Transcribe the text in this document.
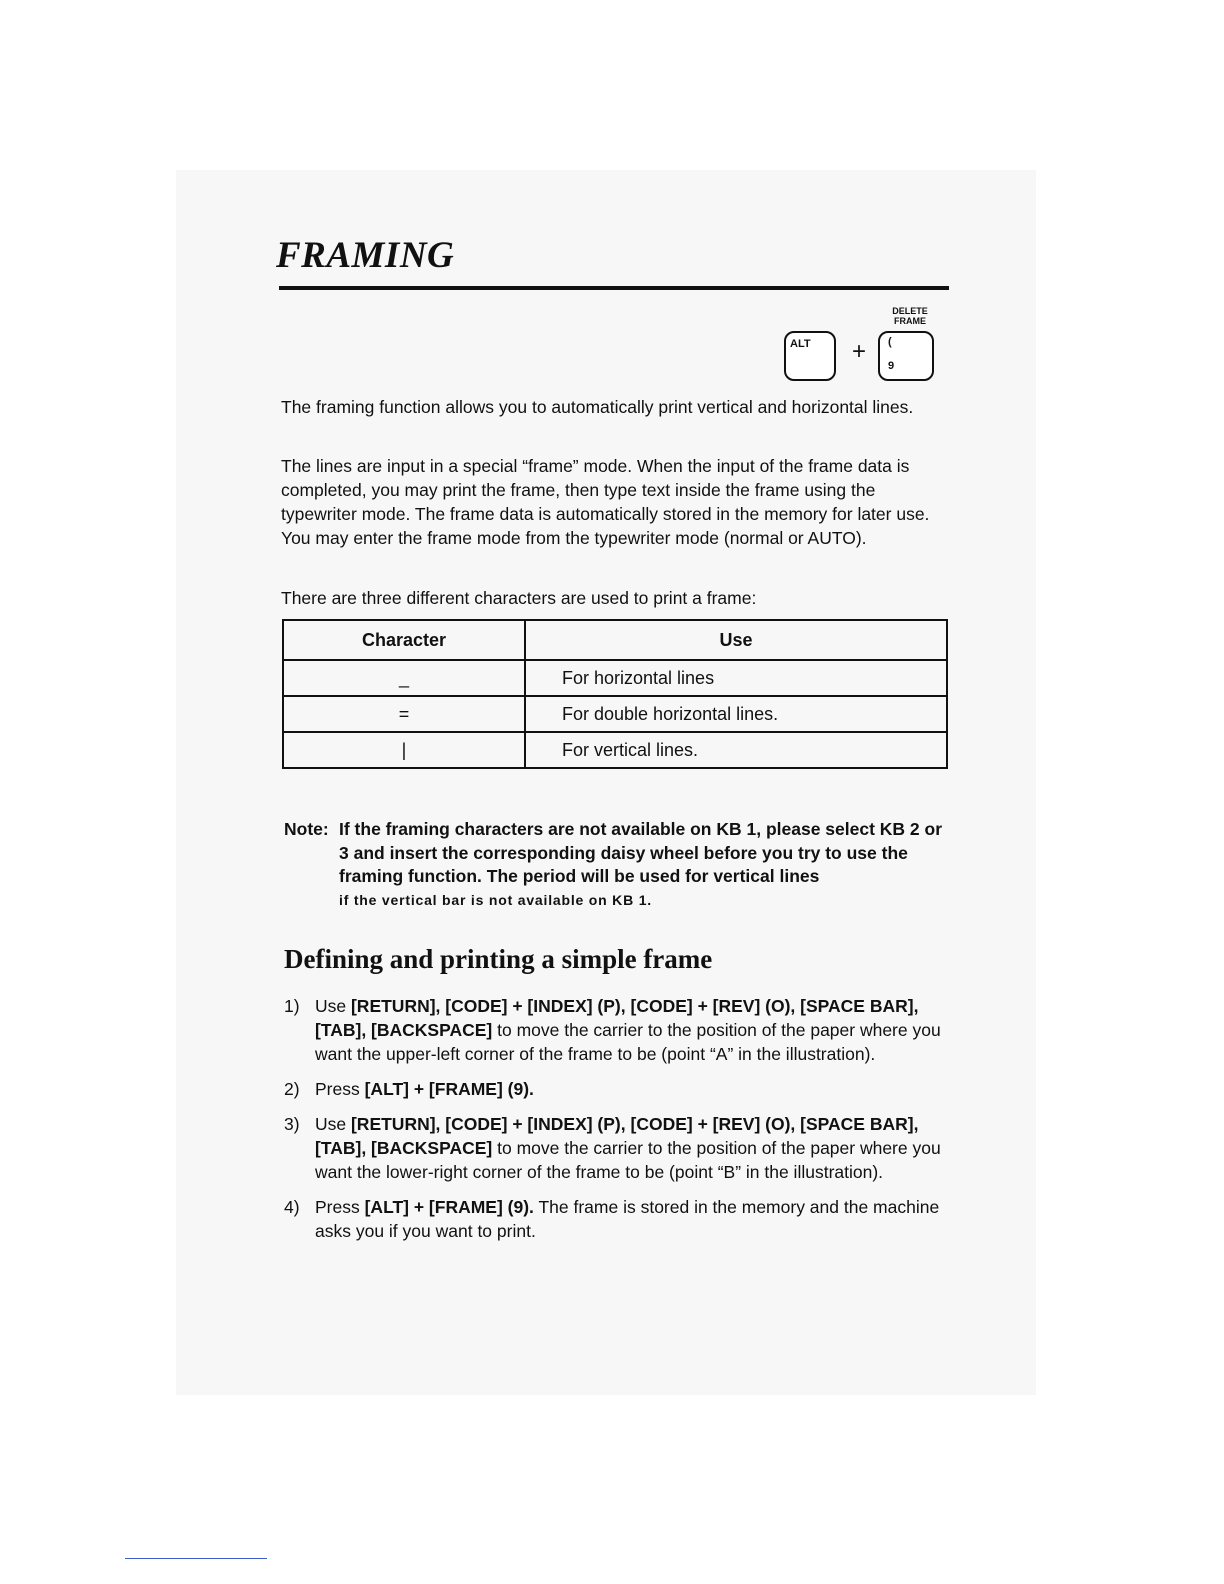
FRAMING
DELETE
FRAME
ALT + (
9

The framing function allows you to automatically print vertical and horizontal lines.

The lines are input in a special “frame” mode. When the input of the frame data is completed, you may print the frame, then type text inside the frame using the typewriter mode. The frame data is automatically stored in the memory for later use. You may enter the frame mode from the typewriter mode (normal or AUTO).

There are three different characters are used to print a frame:

Character	Use
_	For horizontal lines
=	For double horizontal lines.
|	For vertical lines.
Note: If the framing characters are not available on KB 1, please select KB 2 or 3 and insert the corresponding daisy wheel before you try to use the framing function. The period will be used for vertical lines
if the vertical bar is not available on KB 1.
Defining and printing a simple frame
1) Use [RETURN], [CODE] + [INDEX] (P), [CODE] + [REV] (O), [SPACE BAR], [TAB], [BACKSPACE] to move the carrier to the position of the paper where you want the upper-left corner of the frame to be (point “A” in the illustration).
2) Press [ALT] + [FRAME] (9).
3) Use [RETURN], [CODE] + [INDEX] (P), [CODE] + [REV] (O), [SPACE BAR], [TAB], [BACKSPACE] to move the carrier to the position of the paper where you want the lower-right corner of the frame to be (point “B” in the illustration).
4) Press [ALT] + [FRAME] (9). The frame is stored in the memory and the machine asks you if you want to print.
